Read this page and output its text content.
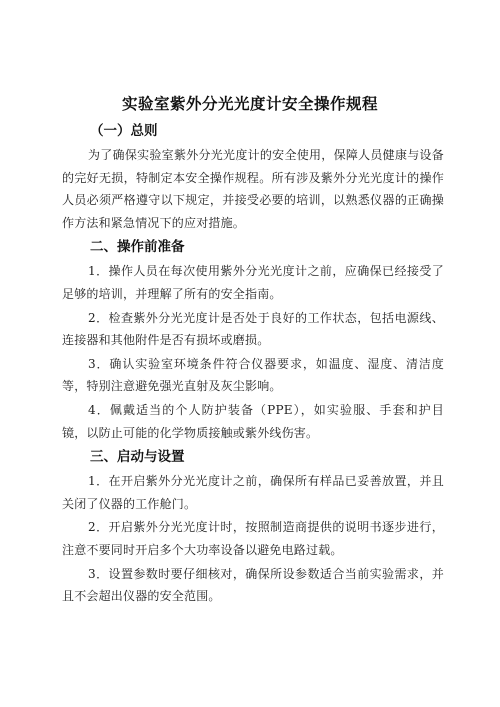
实验室紫外分光光度计安全操作规程
（一）总则

为了确保实验室紫外分光光度计的安全使用，保障人员健康与设备的完好无损，特制定本安全操作规程。所有涉及紫外分光光度计的操作人员必须严格遵守以下规定，并接受必要的培训，以熟悉仪器的正确操作方法和紧急情况下的应对措施。

二、操作前准备

1．操作人员在每次使用紫外分光光度计之前，应确保已经接受了足够的培训，并理解了所有的安全指南。

2．检查紫外分光光度计是否处于良好的工作状态，包括电源线、连接器和其他附件是否有损坏或磨损。

3．确认实验室环境条件符合仪器要求，如温度、湿度、清洁度等，特别注意避免强光直射及灰尘影响。

4．佩戴适当的个人防护装备（PPE），如实验服、手套和护目镜，以防止可能的化学物质接触或紫外线伤害。

三、启动与设置

1．在开启紫外分光光度计之前，确保所有样品已妥善放置，并且关闭了仪器的工作舱门。

2．开启紫外分光光度计时，按照制造商提供的说明书逐步进行，注意不要同时开启多个大功率设备以避免电路过载。

3．设置参数时要仔细核对，确保所设参数适合当前实验需求，并且不会超出仪器的安全范围。
